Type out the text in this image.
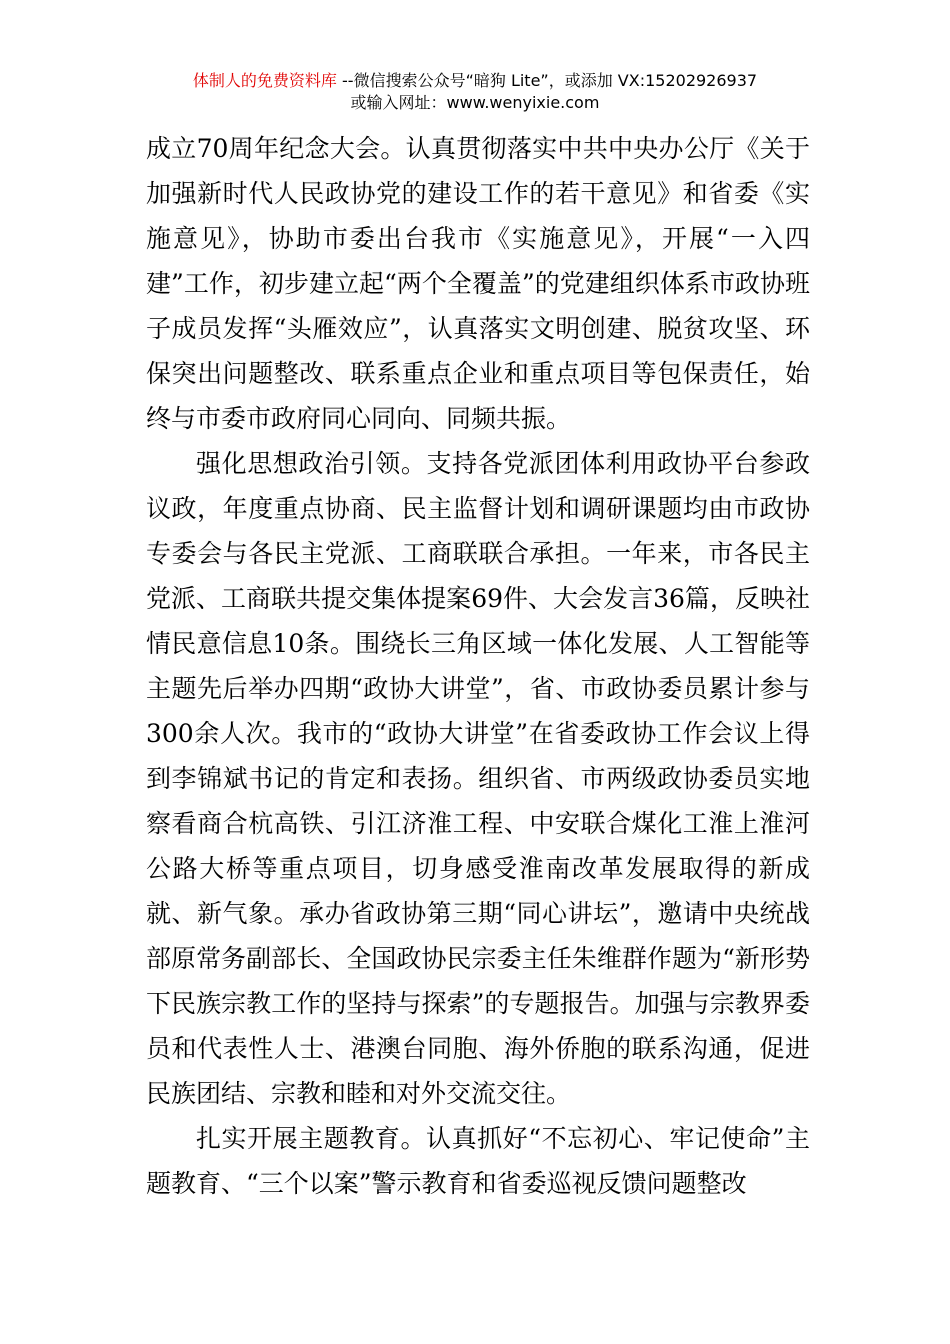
体制人的免费资料库 --微信搜索公众号“暗狗 Lite”，或添加 VX:15202926937
或输入网址：www.wenyixie.com

成立70周年纪念大会。认真贯彻落实中共中央办公厅《关于加强新时代人民政协党的建设工作的若干意见》和省委《实施意见》，协助市委出台我市《实施意见》，开展“一入四建”工作，初步建立起“两个全覆盖”的党建组织体系市政协班子成员发挥“头雁效应”，认真落实文明创建、脱贫攻坚、环保突出问题整改、联系重点企业和重点项目等包保责任，始终与市委市政府同心同向、同频共振。

强化思想政治引领。支持各党派团体利用政协平台参政议政，年度重点协商、民主监督计划和调研课题均由市政协专委会与各民主党派、工商联联合承担。一年来，市各民主党派、工商联共提交集体提案69件、大会发言36篇，反映社情民意信息10条。围绕长三角区域一体化发展、人工智能等主题先后举办四期“政协大讲堂”，省、市政协委员累计参与300余人次。我市的“政协大讲堂”在省委政协工作会议上得到李锦斌书记的肯定和表扬。组织省、市两级政协委员实地察看商合杭高铁、引江济淮工程、中安联合煤化工淮上淮河公路大桥等重点项目，切身感受淮南改革发展取得的新成就、新气象。承办省政协第三期“同心讲坛”，邀请中央统战部原常务副部长、全国政协民宗委主任朱维群作题为“新形势下民族宗教工作的坚持与探索”的专题报告。加强与宗教界委员和代表性人士、港澳台同胞、海外侨胞的联系沟通，促进民族团结、宗教和睦和对外交流交往。

扎实开展主题教育。认真抓好“不忘初心、牢记使命”主题教育、“三个以案”警示教育和省委巡视反馈问题整改
